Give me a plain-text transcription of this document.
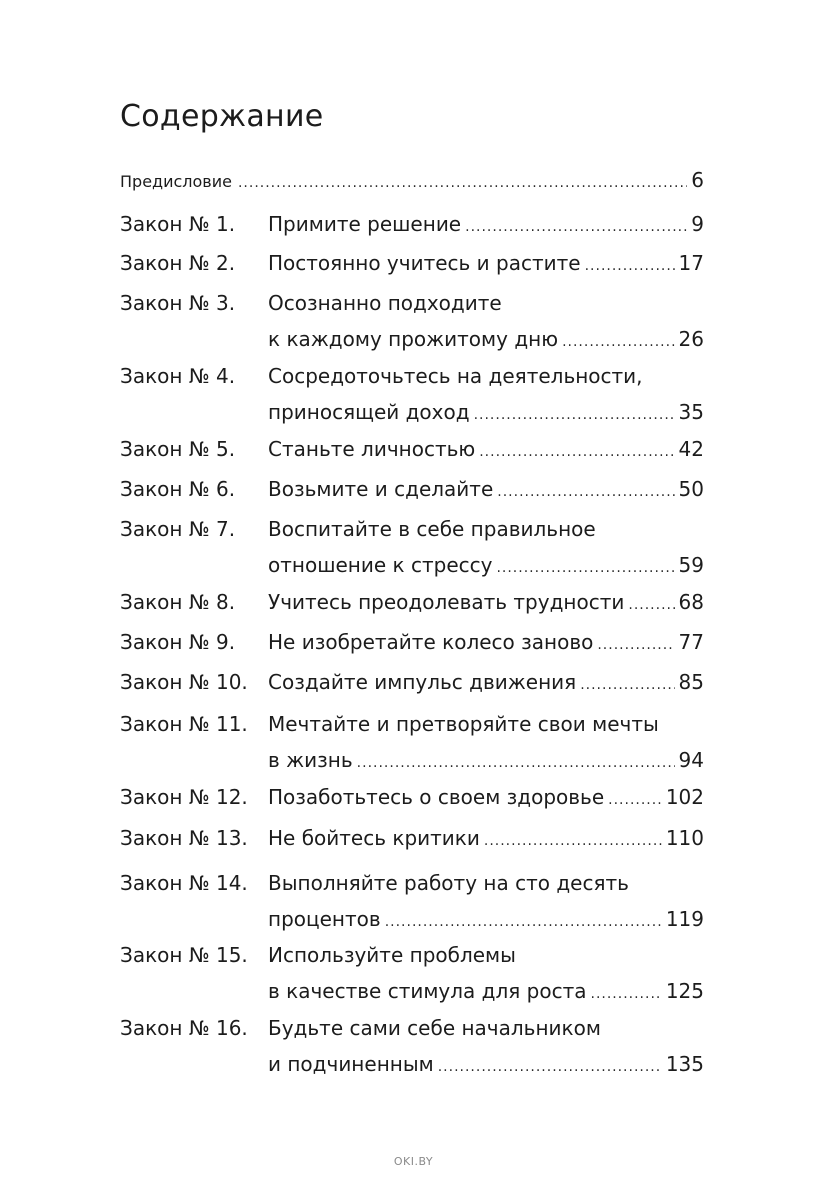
Содержание
Предисловие .....	6
Закон № 1. Примите решение .....	9
Закон № 2. Постоянно учитесь и растите .....	17
Закон № 3. Осознанно подходите
к каждому прожитому дню .....	26
Закон № 4. Сосредоточьтесь на деятельности,
приносящей доход .....	35
Закон № 5. Станьте личностью .....	42
Закон № 6. Возьмите и сделайте .....	50
Закон № 7. Воспитайте в себе правильное
отношение к стрессу .....	59
Закон № 8. Учитесь преодолевать трудности .....	68
Закон № 9. Не изобретайте колесо заново .....	77
Закон № 10. Создайте импульс движения .....	85
Закон № 11. Мечтайте и претворяйте свои мечты
в жизнь .....	94
Закон № 12. Позаботьтесь о своем здоровье .....	102
Закон № 13. Не бойтесь критики .....	110
Закон № 14. Выполняйте работу на сто десять
процентов .....	119
Закон № 15. Используйте проблемы
в качестве стимула для роста .....	125
Закон № 16. Будьте сами себе начальником
и подчиненным .....	135
OKI.BY
